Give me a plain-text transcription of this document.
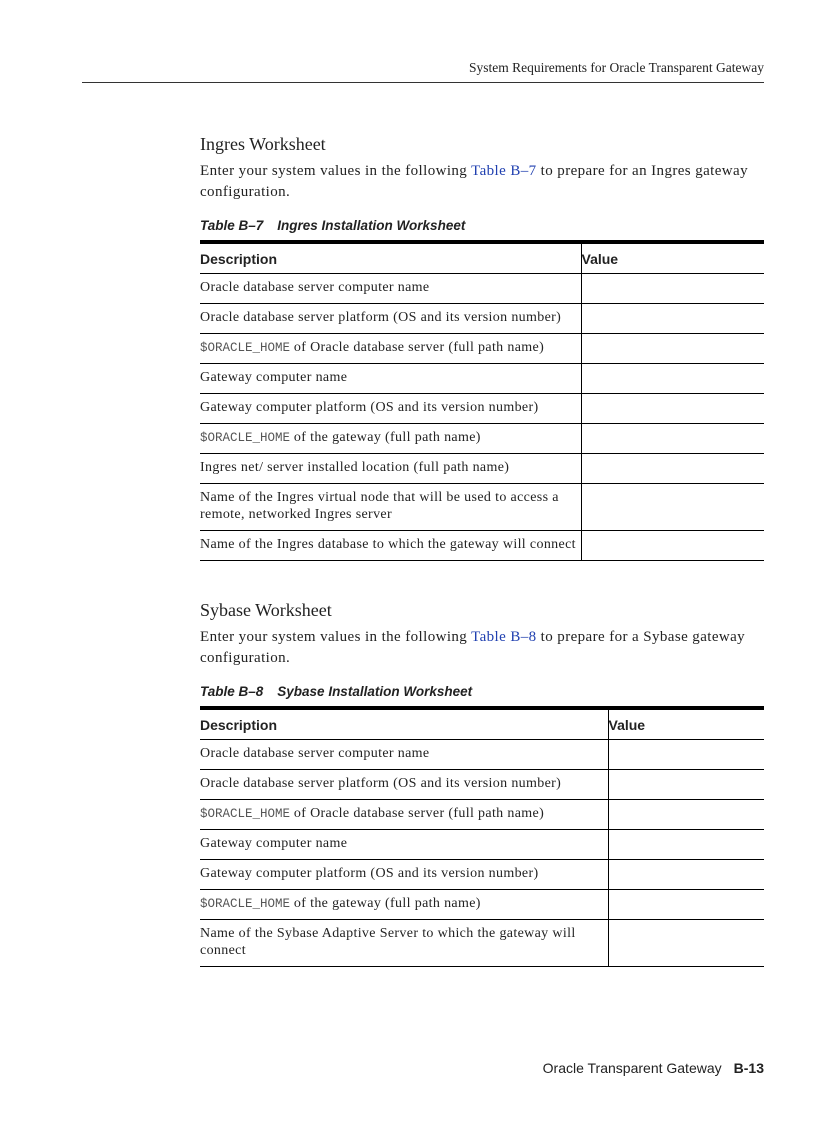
System Requirements for Oracle Transparent Gateway
Ingres Worksheet

Enter your system values in the following Table B–7 to prepare for an Ingres gateway configuration.

Table B–7 Ingres Installation Worksheet
Description	Value
Oracle database server computer name	
Oracle database server platform (OS and its version number)	
$ORACLE_HOME of Oracle database server (full path name)	
Gateway computer name	
Gateway computer platform (OS and its version number)	
$ORACLE_HOME of the gateway (full path name)	
Ingres net/ server installed location (full path name)	
Name of the Ingres virtual node that will be used to access a remote, networked Ingres server	
Name of the Ingres database to which the gateway will connect	
Sybase Worksheet

Enter your system values in the following Table B–8 to prepare for a Sybase gateway configuration.

Table B–8 Sybase Installation Worksheet
Description	Value
Oracle database server computer name	
Oracle database server platform (OS and its version number)	
$ORACLE_HOME of Oracle database server (full path name)	
Gateway computer name	
Gateway computer platform (OS and its version number)	
$ORACLE_HOME of the gateway (full path name)	
Name of the Sybase Adaptive Server to which the gateway will connect	
Oracle Transparent Gateway B-13
